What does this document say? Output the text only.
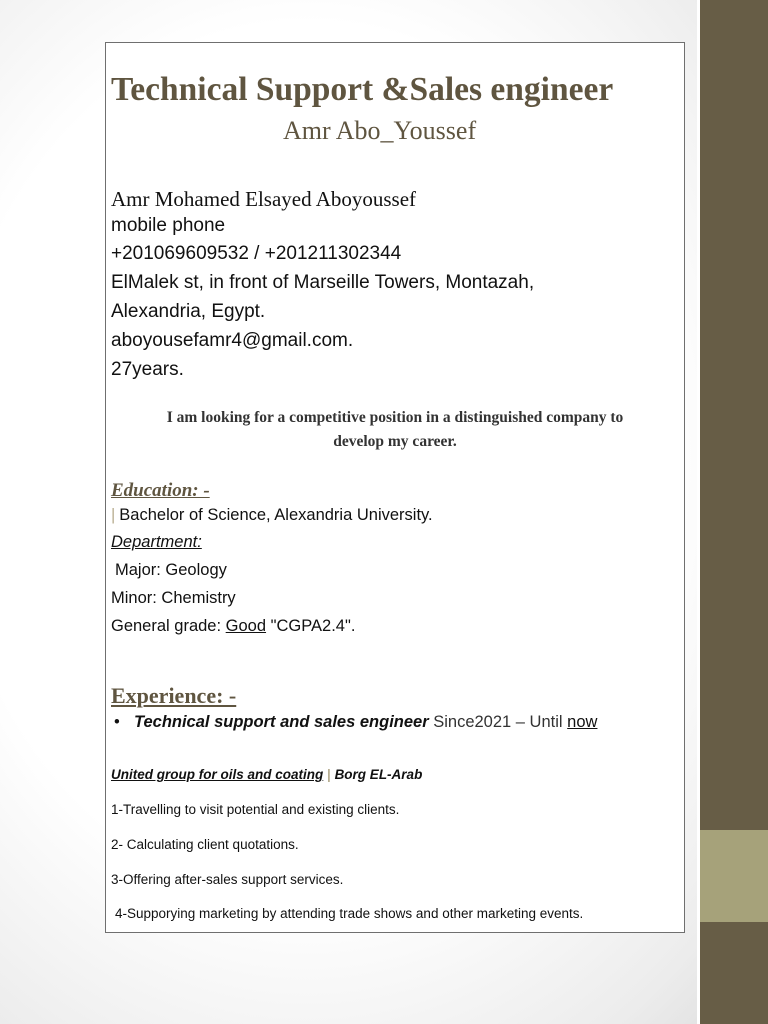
Technical Support &Sales engineer
Amr Abo_Youssef
Amr Mohamed Elsayed Aboyoussef
mobile phone
+201069609532 / +201211302344
ElMalek st, in front of Marseille Towers, Montazah,
Alexandria, Egypt.
aboyousefamr4@gmail.com.
27years.
I am looking for a competitive position in a distinguished company to
develop my career.
Education: -
| Bachelor of Science, Alexandria University.
Department:
Major: Geology
Minor: Chemistry
General grade: Good "CGPA2.4".
Experience: -
• Technical support and sales engineer Since2021 – Until now
United group for oils and coating | Borg EL-Arab
1-Travelling to visit potential and existing clients.
2- Calculating client quotations.
3-Offering after-sales support services.
4-Supporying marketing by attending trade shows and other marketing events.
